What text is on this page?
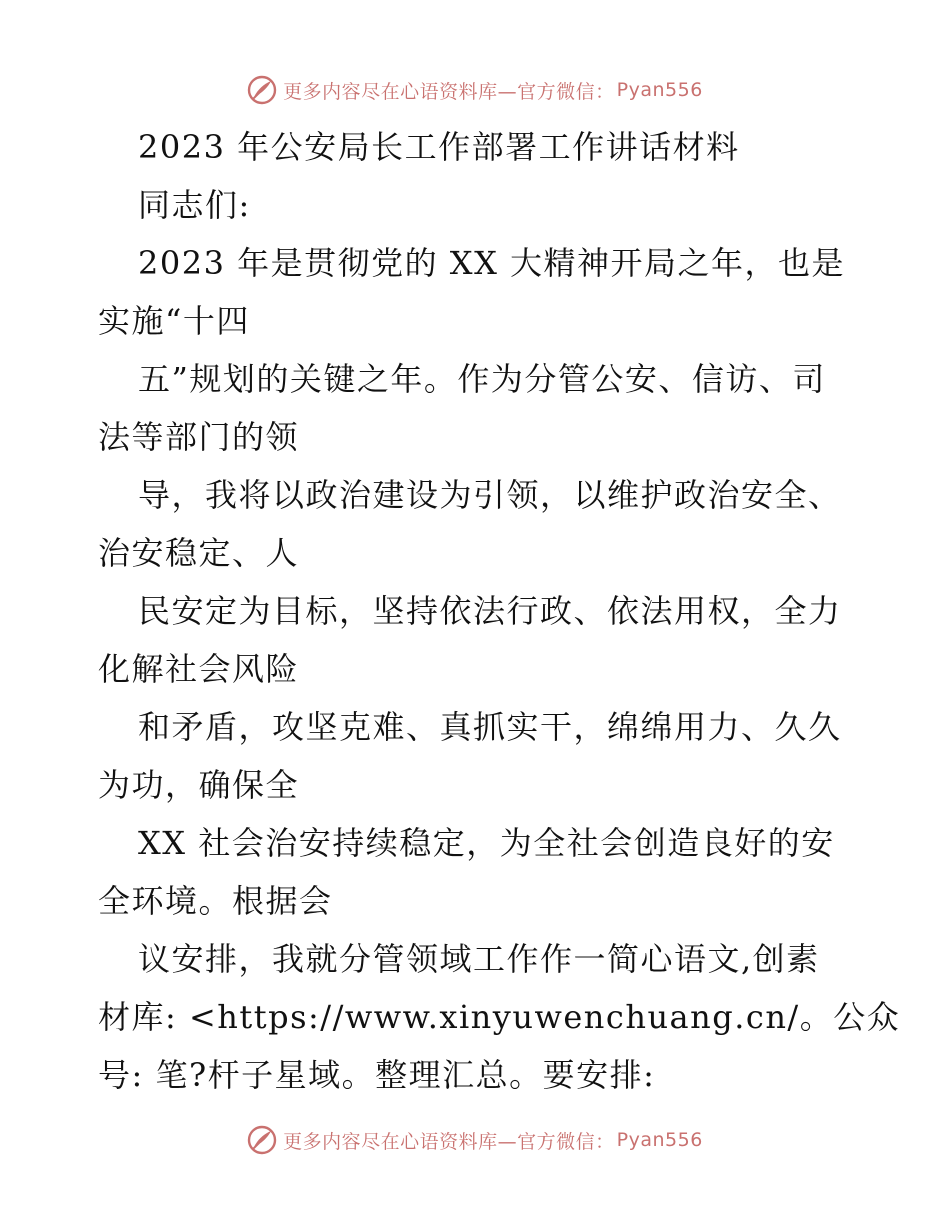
更多内容尽在心语资料库—官方微信： Pyan556
2023 年公安局长工作部署工作讲话材料
同志们:
2023 年是贯彻党的 XX 大精神开局之年，也是
实施“十四
五”规划的关键之年。作为分管公安、信访、司
法等部门的领
导，我将以政治建设为引领，以维护政治安全、
治安稳定、人
民安定为目标，坚持依法行政、依法用权，全力
化解社会风险
和矛盾，攻坚克难、真抓实干，绵绵用力、久久
为功，确保全
XX 社会治安持续稳定，为全社会创造良好的安
全环境。根据会
议安排，我就分管领域工作作一简心语文,创素
材库: <https://www.xinyuwenchuang.cn/。公众
号: 笔?杆子星域。整理汇总。要安排:
更多内容尽在心语资料库—官方微信： Pyan556
